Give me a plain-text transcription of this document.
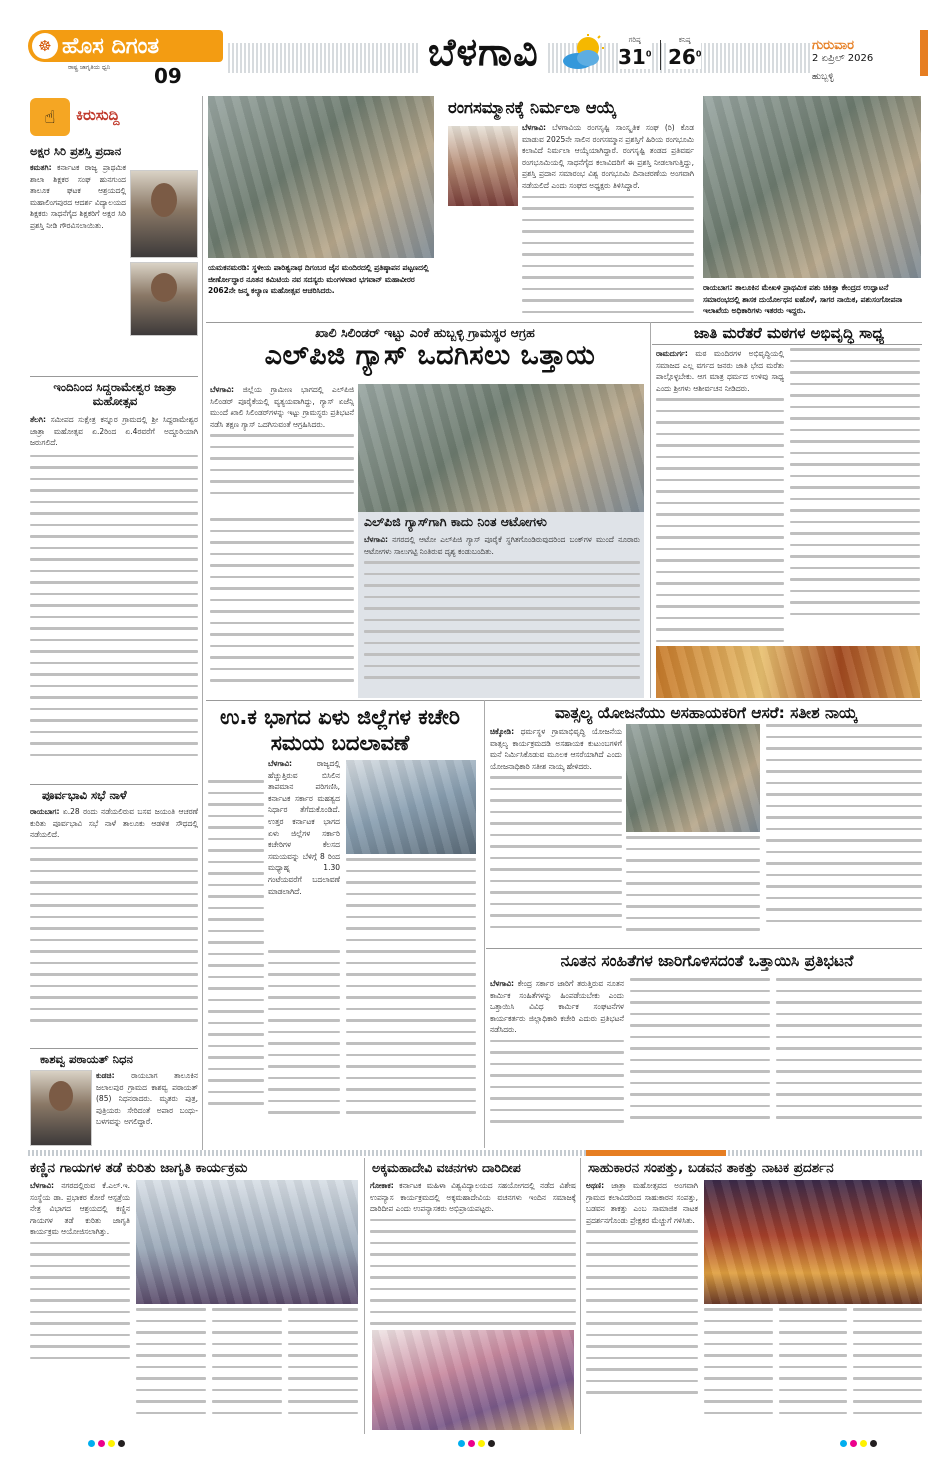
☸ ಹೊಸ ದಿಗಂತ
ರಾಷ್ಟ್ರ ಜಾಗೃತಿಯ ಧ್ವನಿ	09
ಬೆಳಗಾವಿ	ಗರಿಷ್ಠ
$31^0$
ಕನಿಷ್ಠ
$26^0$
ಗುರುವಾರ
2 ಏಪ್ರಿಲ್ 2026
ಹುಬ್ಬಳ್ಳಿ
☝	ಕಿರುಸುದ್ದಿ
ಅಕ್ಷರ ಸಿರಿ ಪ್ರಶಸ್ತಿ ಪ್ರದಾನ
ಕಮತಗಿ: ಕರ್ನಾಟಕ ರಾಜ್ಯ ಪ್ರಾಥಮಿಕ ಶಾಲಾ ಶಿಕ್ಷಕರ ಸಂಘ ಹುನಗುಂದ ತಾಲೂಕ ಘಟಕ ಆಶ್ರಯದಲ್ಲಿ ಮಹಾಲಿಂಗಪುರದ ಆದರ್ಶ ವಿದ್ಯಾಲಯದ ಶಿಕ್ಷಕರು ಸಾಧನೆಗೈದ ಶಿಕ್ಷಕರಿಗೆ ಅಕ್ಷರ ಸಿರಿ ಪ್ರಶಸ್ತಿ ನೀಡಿ ಗೌರವಿಸಲಾಯಿತು.
ಇಂದಿನಿಂದ ಸಿದ್ದರಾಮೇಶ್ವರ ಜಾತ್ರಾ ಮಹೋತ್ಸವ
ತೆಲಗಿ: ಸಮೀಪದ ಸುಕ್ಷೇತ್ರ ಕನ್ನೂರ ಗ್ರಾಮದಲ್ಲಿ ಶ್ರೀ ಸಿದ್ದರಾಮೇಶ್ವರ ಜಾತ್ರಾ ಮಹೋತ್ಸವ ಏ.2ರಿಂದ ಏ.4ರವರೆಗೆ ಅದ್ದೂರಿಯಾಗಿ ಜರುಗಲಿದೆ.
ಪೂರ್ವಭಾವಿ ಸಭೆ ನಾಳೆ
ರಾಯಬಾಗ: ಏ.28 ರಂದು ನಡೆಯಲಿರುವ ಬಸವ ಜಯಂತಿ ಆಚರಣೆ ಕುರಿತು ಪೂರ್ವಭಾವಿ ಸಭೆ ನಾಳೆ ತಾಲೂಕು ಆಡಳಿತ ಸೌಧದಲ್ಲಿ ನಡೆಯಲಿದೆ.
ಕಾಶವ್ವ ಪಠಾಯತ್ ನಿಧನ
ಕುಡಚಿ: ರಾಯಬಾಗ ತಾಲೂಕಿನ ಜಲಾಲಪುರ ಗ್ರಾಮದ ಕಾಶವ್ವ ಪಠಾಯತ್ (85) ನಿಧನರಾದರು. ಮೃತರು ಪುತ್ರ, ಪುತ್ರಿಯರು ಸೇರಿದಂತೆ ಅಪಾರ ಬಂಧು-ಬಳಗವನ್ನು ಅಗಲಿದ್ದಾರೆ.
ಯಮಕನಮರಡಿ: ಸ್ಥಳೀಯ ಪಾರಿಶ್ವನಾಥ ದಿಗಂಬರ ಜೈನ ಮಂದಿರದಲ್ಲಿ ಪ್ರತಿಷ್ಠಾಪನ ಪಟ್ಟಣದಲ್ಲಿ ಜೀರ್ಣೋದ್ಧಾರ ನೂತನ ಕಮಿಟಿಯ ನವ ಸದಸ್ಯರು ಮಂಗಳವಾರ ಭಗವಾನ್ ಮಹಾವೀರರ 2062ನೇ ಜನ್ಮ ಕಲ್ಯಾಣ ಮಹೋತ್ಸವ ಆಚರಿಸಿದರು.
ರಂಗಸಮ್ಮಾನಕ್ಕೆ ನಿರ್ಮಲಾ ಆಯ್ಕೆ
ಬೆಳಗಾವಿ: ಬೆಳಗಾವಿಯ ರಂಗಸೃಷ್ಟಿ ಸಾಂಸ್ಕೃತಿಕ ಸಂಘ (ರಿ) ಕೊಡ ಮಾಡುವ 2025ನೇ ಸಾಲಿನ ರಂಗಸಮ್ಮಾನ ಪ್ರಶಸ್ತಿಗೆ ಹಿರಿಯ ರಂಗಭೂಮಿ ಕಲಾವಿದೆ ನಿರ್ಮಲಾ ಆಯ್ಕೆಯಾಗಿದ್ದಾರೆ. ರಂಗಸೃಷ್ಟಿ ತಂಡದ ಪ್ರತಿವರ್ಷ ರಂಗಭೂಮಿಯಲ್ಲಿ ಸಾಧನೆಗೈದ ಕಲಾವಿದರಿಗೆ ಈ ಪ್ರಶಸ್ತಿ ನೀಡಲಾಗುತ್ತಿದ್ದು, ಪ್ರಶಸ್ತಿ ಪ್ರದಾನ ಸಮಾರಂಭ ವಿಶ್ವ ರಂಗಭೂಮಿ ದಿನಾಚರಣೆಯ ಅಂಗವಾಗಿ ನಡೆಯಲಿದೆ ಎಂದು ಸಂಘದ ಅಧ್ಯಕ್ಷರು ತಿಳಿಸಿದ್ದಾರೆ.
ರಾಯಬಾಗ: ತಾಲೂಕಿನ ಮೇಖಳಿ ಪ್ರಾಥಮಿಕ ಪಶು ಚಿಕಿತ್ಸಾ ಕೇಂದ್ರದ ಉದ್ಘಾಟನೆ ಸಮಾರಂಭದಲ್ಲಿ ಶಾಸಕ ದುರ್ಯೋಧನ ಐಹೊಳೆ, ಸಾಗರ ನಾಯಿಕ, ಪಶುಸಂಗೋಪನಾ ಇಲಾಖೆಯ ಅಧಿಕಾರಿಗಳು ಇತರರು ಇದ್ದರು.
ಖಾಲಿ ಸಿಲಿಂಡರ್ ಇಟ್ಟು ಎಂಕೆ ಹುಬ್ಬಳ್ಳಿ ಗ್ರಾಮಸ್ಥರ ಆಗ್ರಹ
ಎಲ್‌ಪಿಜಿ ಗ್ಯಾಸ್ ಒದಗಿಸಲು ಒತ್ತಾಯ
ಬೆಳಗಾವಿ: ಜಿಲ್ಲೆಯ ಗ್ರಾಮೀಣ ಭಾಗದಲ್ಲಿ ಎಲ್‌ಪಿಜಿ ಸಿಲಿಂಡರ್ ಪೂರೈಕೆಯಲ್ಲಿ ವ್ಯತ್ಯಯವಾಗಿದ್ದು, ಗ್ಯಾಸ್ ಏಜೆನ್ಸಿ ಮುಂದೆ ಖಾಲಿ ಸಿಲಿಂಡರ್‌ಗಳನ್ನು ಇಟ್ಟು ಗ್ರಾಮಸ್ಥರು ಪ್ರತಿಭಟನೆ ನಡೆಸಿ ತಕ್ಷಣ ಗ್ಯಾಸ್ ಒದಗಿಸುವಂತೆ ಆಗ್ರಹಿಸಿದರು.
ಎಲ್‌ಪಿಜಿ ಗ್ಯಾಸ್‌ಗಾಗಿ ಕಾದು ನಿಂತ ಆಟೋಗಳು
ಬೆಳಗಾವಿ: ನಗರದಲ್ಲಿ ಆಟೋ ಎಲ್‌ಪಿಜಿ ಗ್ಯಾಸ್ ಪೂರೈಕೆ ಸ್ಥಗಿತಗೊಂಡಿರುವುದರಿಂದ ಬಂಕ್‌ಗಳ ಮುಂದೆ ನೂರಾರು ಆಟೋಗಳು ಸಾಲುಗಟ್ಟಿ ನಿಂತಿರುವ ದೃಶ್ಯ ಕಂಡುಬಂದಿತು.
ಜಾತಿ ಮರೆತರೆ ಮಠಗಳ ಅಭಿವೃದ್ಧಿ ಸಾಧ್ಯ
ರಾಮದುರ್ಗ: ಮಠ ಮಂದಿರಗಳ ಅಭಿವೃದ್ಧಿಯಲ್ಲಿ ಸಮಾಜದ ಎಲ್ಲ ವರ್ಗದ ಜನರು ಜಾತಿ ಭೇದ ಮರೆತು ಪಾಲ್ಗೊಳ್ಳಬೇಕು. ಆಗ ಮಾತ್ರ ಧರ್ಮದ ಉಳಿವು ಸಾಧ್ಯ ಎಂದು ಶ್ರೀಗಳು ಆಶೀರ್ವಚನ ನೀಡಿದರು.
ಉ.ಕ ಭಾಗದ ಏಳು ಜಿಲ್ಲೆಗಳ ಕಚೇರಿ ಸಮಯ ಬದಲಾವಣೆ
ಬೆಳಗಾವಿ:	ರಾಜ್ಯದಲ್ಲಿ ಹೆಚ್ಚುತ್ತಿರುವ ಬಿಸಿಲಿನ ತಾಪಮಾನ ಪರಿಗಣಿಸಿ, ಕರ್ನಾಟಕ ಸರ್ಕಾರ ಮಹತ್ವದ ನಿರ್ಧಾರ ತೆಗೆದುಕೊಂಡಿದೆ. ಉತ್ತರ ಕರ್ನಾಟಕ ಭಾಗದ ಏಳು ಜಿಲ್ಲೆಗಳ ಸರ್ಕಾರಿ ಕಚೇರಿಗಳ ಕೆಲಸದ ಸಮಯವನ್ನು ಬೆಳಿಗ್ಗೆ 8 ರಿಂದ ಮಧ್ಯಾಹ್ನ 1.30 ಗಂಟೆಯವರೆಗೆ ಬದಲಾವಣೆ ಮಾಡಲಾಗಿದೆ.
ವಾತ್ಸಲ್ಯ ಯೋಜನೆಯು ಅಸಹಾಯಕರಿಗೆ ಆಸರೆ: ಸತೀಶ ನಾಯ್ಕ
ಚಿಕ್ಕೋಡಿ: ಧರ್ಮಸ್ಥಳ ಗ್ರಾಮಾಭಿವೃದ್ಧಿ ಯೋಜನೆಯ ವಾತ್ಸಲ್ಯ ಕಾರ್ಯಕ್ರಮದಡಿ ಅಸಹಾಯಕ ಕುಟುಂಬಗಳಿಗೆ ಮನೆ ನಿರ್ಮಿಸಿಕೊಡುವ ಮೂಲಕ ಆಸರೆಯಾಗಿದೆ ಎಂದು ಯೋಜನಾಧಿಕಾರಿ ಸತೀಶ ನಾಯ್ಕ ಹೇಳಿದರು.
ನೂತನ ಸಂಹಿತೆಗಳ ಜಾರಿಗೊಳಿಸದಂತೆ ಒತ್ತಾಯಿಸಿ ಪ್ರತಿಭಟನೆ
ಬೆಳಗಾವಿ: ಕೇಂದ್ರ ಸರ್ಕಾರ ಜಾರಿಗೆ ತರುತ್ತಿರುವ ನೂತನ ಕಾರ್ಮಿಕ ಸಂಹಿತೆಗಳನ್ನು ಹಿಂಪಡೆಯಬೇಕು ಎಂದು ಒತ್ತಾಯಿಸಿ ವಿವಿಧ ಕಾರ್ಮಿಕ ಸಂಘಟನೆಗಳ ಕಾರ್ಯಕರ್ತರು ಜಿಲ್ಲಾಧಿಕಾರಿ ಕಚೇರಿ ಎದುರು ಪ್ರತಿಭಟನೆ ನಡೆಸಿದರು.
ಕಣ್ಣಿನ ಗಾಯಗಳ ತಡೆ ಕುರಿತು ಜಾಗೃತಿ ಕಾರ್ಯಕ್ರಮ
ಬೆಳಗಾವಿ: ನಗರದಲ್ಲಿರುವ ಕೆ.ಎಲ್.ಇ. ಸಂಸ್ಥೆಯ ಡಾ. ಪ್ರಭಾಕರ ಕೋರೆ ಆಸ್ಪತ್ರೆಯ ನೇತ್ರ ವಿಭಾಗದ ಆಶ್ರಯದಲ್ಲಿ ಕಣ್ಣಿನ ಗಾಯಗಳ ತಡೆ ಕುರಿತು ಜಾಗೃತಿ ಕಾರ್ಯಕ್ರಮ ಆಯೋಜಿಸಲಾಗಿತ್ತು.
ಅಕ್ಕಮಹಾದೇವಿ ವಚನಗಳು ದಾರಿದೀಪ
ಗೋಕಾಕ: ಕರ್ನಾಟಕ ಮಹಿಳಾ ವಿಶ್ವವಿದ್ಯಾಲಯದ ಸಹಯೋಗದಲ್ಲಿ ನಡೆದ ವಿಶೇಷ ಉಪನ್ಯಾಸ ಕಾರ್ಯಕ್ರಮದಲ್ಲಿ ಅಕ್ಕಮಹಾದೇವಿಯ ವಚನಗಳು ಇಂದಿನ ಸಮಾಜಕ್ಕೆ ದಾರಿದೀಪ ಎಂದು ಉಪನ್ಯಾಸಕರು ಅಭಿಪ್ರಾಯಪಟ್ಟರು.
ಸಾಹುಕಾರನ ಸಂಪತ್ತು, ಬಡವನ ತಾಕತ್ತು ನಾಟಕ ಪ್ರದರ್ಶನ
ಅಥಣಿ: ಜಾತ್ರಾ ಮಹೋತ್ಸವದ ಅಂಗವಾಗಿ ಗ್ರಾಮದ ಕಲಾವಿದರಿಂದ ಸಾಹುಕಾರನ ಸಂಪತ್ತು, ಬಡವನ ತಾಕತ್ತು ಎಂಬ ಸಾಮಾಜಿಕ ನಾಟಕ ಪ್ರದರ್ಶನಗೊಂಡು ಪ್ರೇಕ್ಷಕರ ಮೆಚ್ಚುಗೆ ಗಳಿಸಿತು.
